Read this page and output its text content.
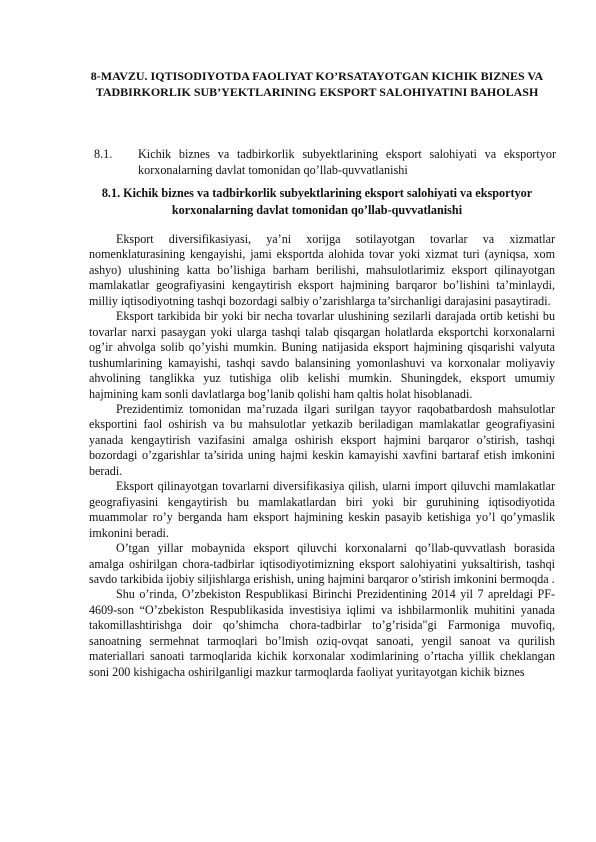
8-MAVZU. IQTISODIYOTDA FAOLIYAT KO’RSATAYOTGAN KICHIK BIZNES VA TADBIRKORLIK SUB’YEKTLARINING EKSPORT SALOHIYATINI BAHOLASH
8.1.	Kichik biznes va tadbirkorlik subyektlarining eksport salohiyati va eksportyor korxonalarning davlat tomonidan qo’llab-quvvatlanishi
8.1. Kichik biznes va tadbirkorlik subyektlarining eksport salohiyati va eksportyor korxonalarning davlat tomonidan qo’llab-quvvatlanishi

Eksport diversifikasiyasi, ya’ni xorijga sotilayotgan tovarlar va xizmatlar nomenklaturasining kengayishi, jami eksportda alohida tovar yoki xizmat turi (ayniqsa, xom ashyo) ulushining katta bo’lishiga barham berilishi, mahsulotlarimiz eksport qilinayotgan mamlakatlar geografiyasini kengaytirish eksport hajmining barqaror bo’lishini ta’minlaydi, milliy iqtisodiyotning tashqi bozordagi salbiy o’zarishlarga ta’sirchanligi darajasini pasaytiradi.

Eksport tarkibida bir yoki bir necha tovarlar ulushining sezilarli darajada ortib ketishi bu tovarlar narxi pasaygan yoki ularga tashqi talab qisqargan holatlarda eksportchi korxonalarni og’ir ahvolga solib qo’yishi mumkin. Buning natijasida eksport hajmining qisqarishi valyuta tushumlarining kamayishi, tashqi savdo balansining yomonlashuvi va korxonalar moliyaviy ahvolining tanglikka yuz tutishiga olib kelishi mumkin. Shuningdek, eksport umumiy hajmining kam sonli davlatlarga bog’lanib qolishi ham qaltis holat hisoblanadi.

Prezidentimiz tomonidan ma’ruzada ilgari surilgan tayyor raqobatbardosh mahsulotlar eksportini faol oshirish va bu mahsulotlar yetkazib beriladigan mamlakatlar geografiyasini yanada kengaytirish vazifasini amalga oshirish eksport hajmini barqaror o’stirish, tashqi bozordagi o’zgarishlar ta’sirida uning hajmi keskin kamayishi xavfini bartaraf etish imkonini beradi.

Eksport qilinayotgan tovarlarni diversifikasiya qilish, ularni import qiluvchi mamlakatlar geografiyasini kengaytirish bu mamlakatlardan biri yoki bir guruhining iqtisodiyotida muammolar ro’y berganda ham eksport hajmining keskin pasayib ketishiga yo’l qo’ymaslik imkonini beradi.

O’tgan yillar mobaynida eksport qiluvchi korxonalarni qo’llab-quvvatlash borasida amalga oshirilgan chora-tadbirlar iqtisodiyotimizning eksport salohiyatini yuksaltirish, tashqi savdo tarkibida ijobiy siljishlarga erishish, uning hajmini barqaror o’stirish imkonini bermoqda .

Shu o’rinda, O’zbekiston Respublikasi Birinchi Prezidentining 2014 yil 7 apreldagi PF-4609-son “O’zbekiston Respublikasida investisiya iqlimi va ishbilarmonlik muhitini yanada takomillashtirishga doir qo’shimcha chora-tadbirlar to’g’risida"gi Farmoniga muvofiq, sanoatning sermehnat tarmoqlari bo’lmish oziq-ovqat sanoati, yengil sanoat va qurilish materiallari sanoati tarmoqlarida kichik korxonalar xodimlarining o’rtacha yillik cheklangan soni 200 kishigacha oshirilganligi mazkur tarmoqlarda faoliyat yuritayotgan kichik biznes
